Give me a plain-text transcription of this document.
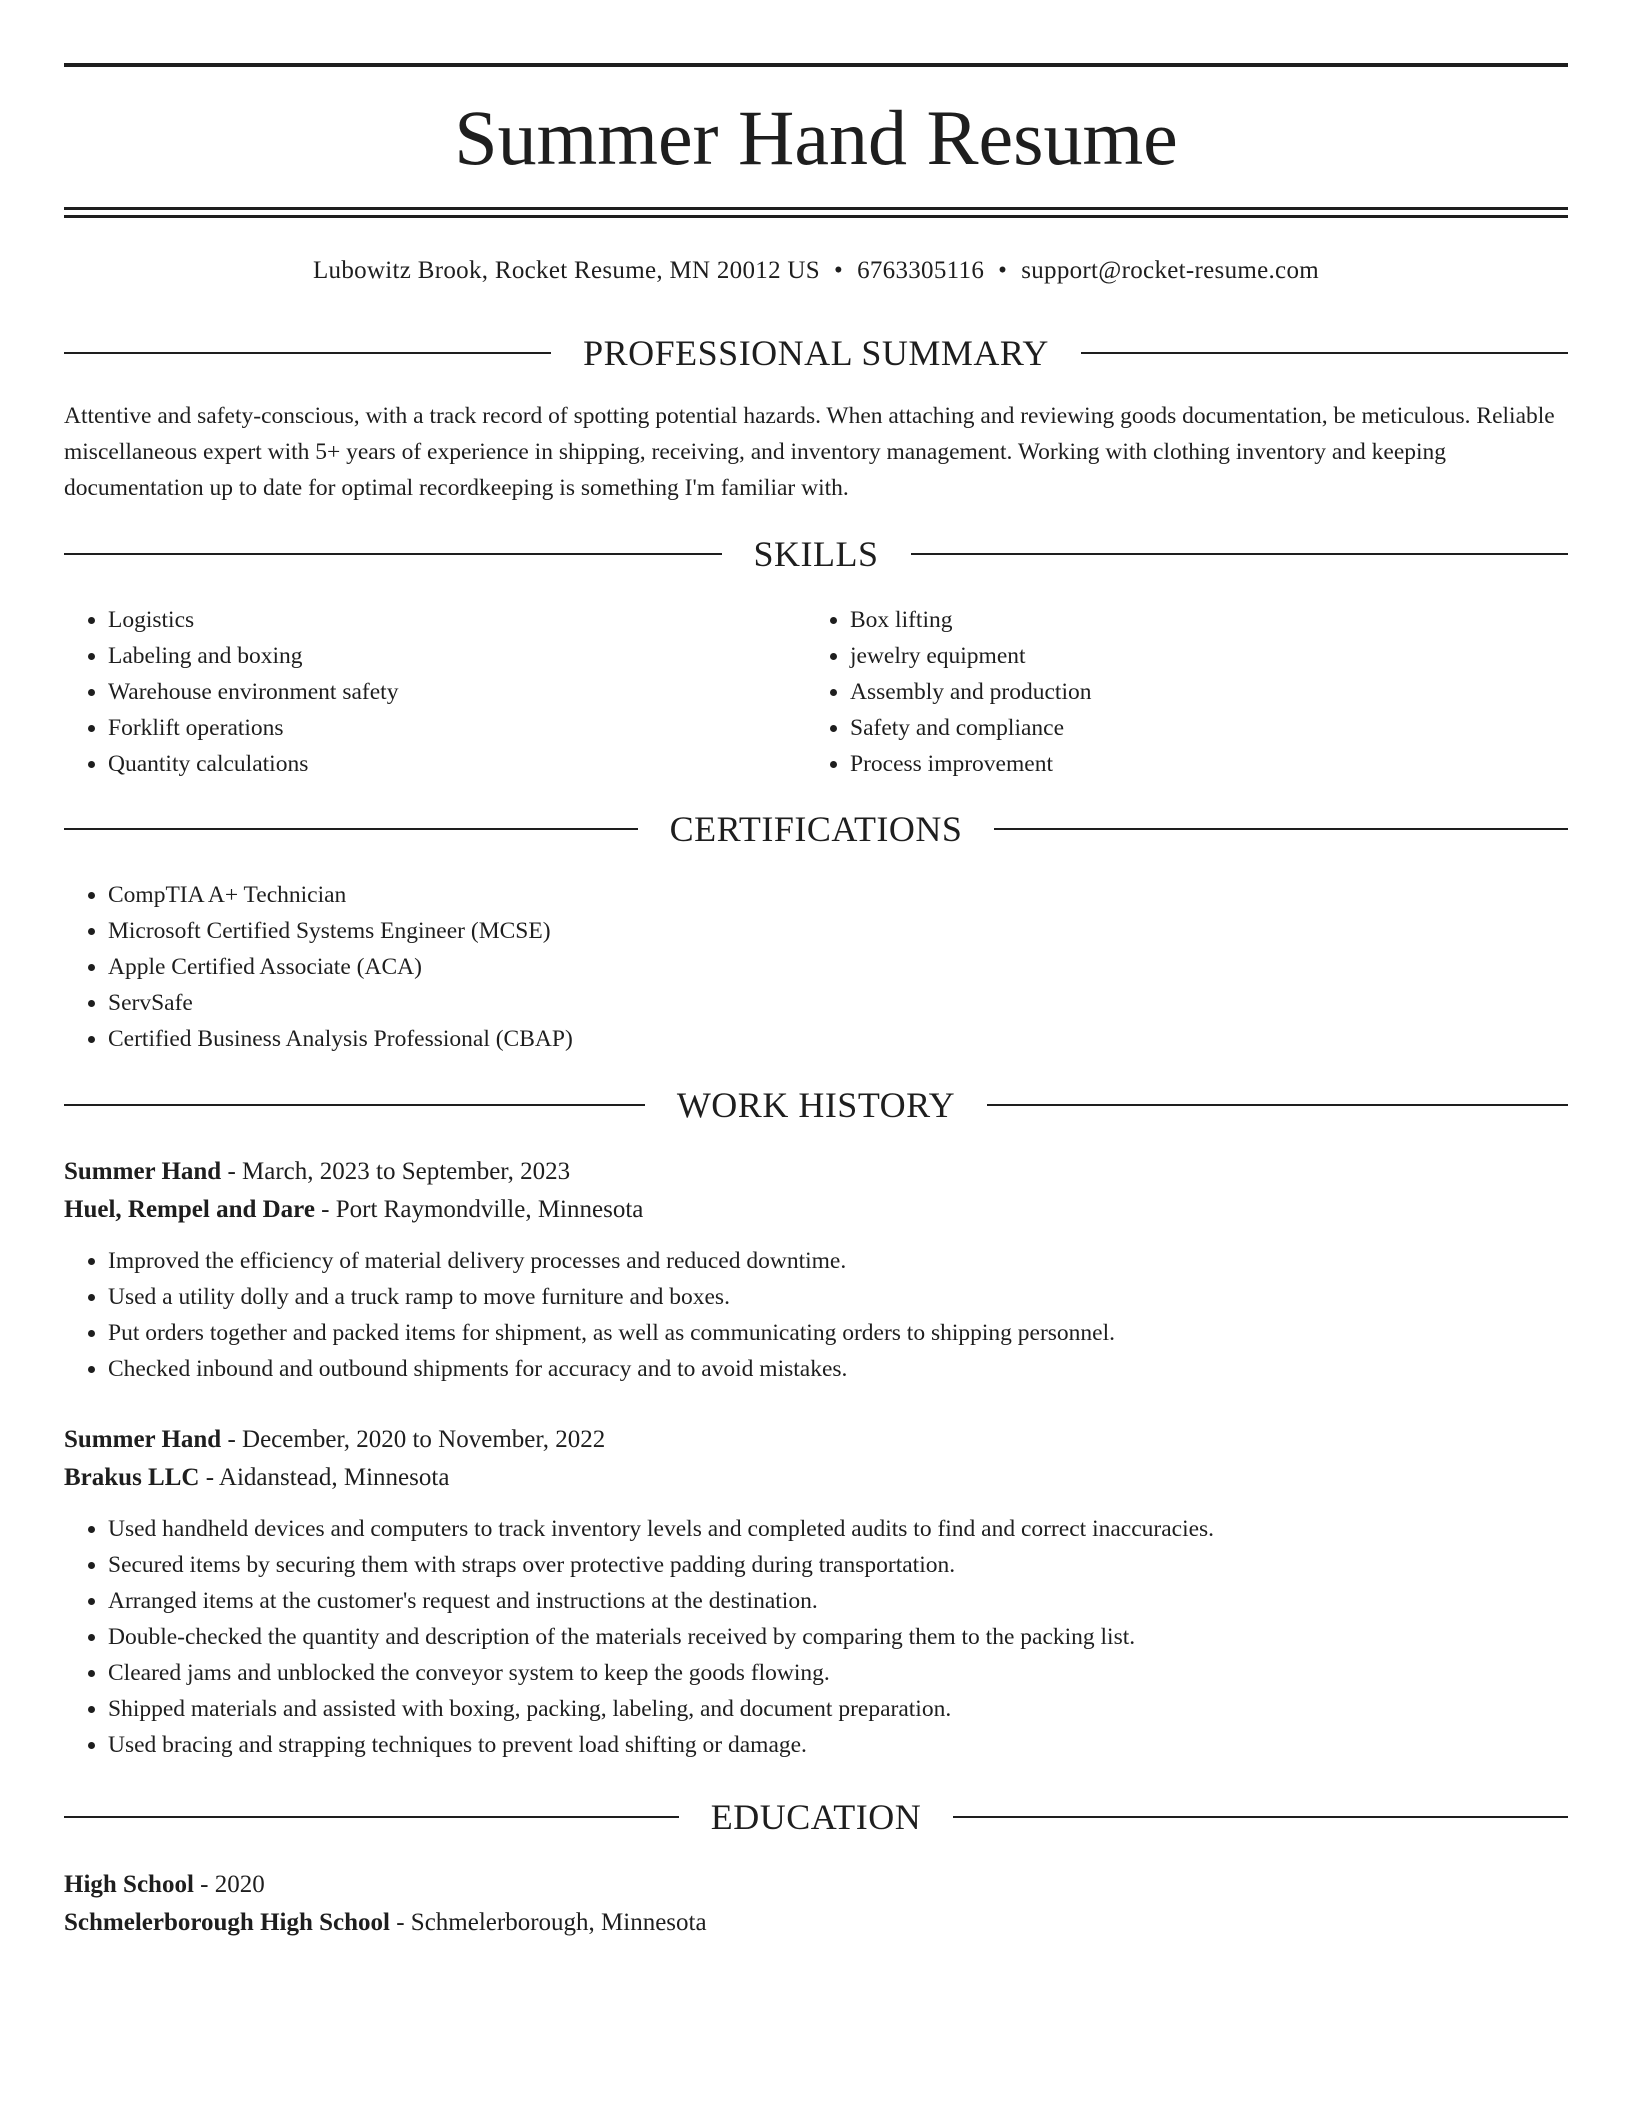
Summer Hand Resume
Lubowitz Brook, Rocket Resume, MN 20012 US • 6763305116 • support@rocket-resume.com
PROFESSIONAL SUMMARY

Attentive and safety-conscious, with a track record of spotting potential hazards. When attaching and reviewing goods documentation, be meticulous. Reliable miscellaneous expert with 5+ years of experience in shipping, receiving, and inventory management. Working with clothing inventory and keeping documentation up to date for optimal recordkeeping is something I'm familiar with.

SKILLS
• Logistics
• Labeling and boxing
• Warehouse environment safety
• Forklift operations
• Quantity calculations
• Box lifting
• jewelry equipment
• Assembly and production
• Safety and compliance
• Process improvement
CERTIFICATIONS
• CompTIA A+ Technician
• Microsoft Certified Systems Engineer (MCSE)
• Apple Certified Associate (ACA)
• ServSafe
• Certified Business Analysis Professional (CBAP)
WORK HISTORY
Summer Hand - March, 2023 to September, 2023
Huel, Rempel and Dare - Port Raymondville, Minnesota
• Improved the efficiency of material delivery processes and reduced downtime.
• Used a utility dolly and a truck ramp to move furniture and boxes.
• Put orders together and packed items for shipment, as well as communicating orders to shipping personnel.
• Checked inbound and outbound shipments for accuracy and to avoid mistakes.
Summer Hand - December, 2020 to November, 2022
Brakus LLC - Aidanstead, Minnesota
• Used handheld devices and computers to track inventory levels and completed audits to find and correct inaccuracies.
• Secured items by securing them with straps over protective padding during transportation.
• Arranged items at the customer's request and instructions at the destination.
• Double-checked the quantity and description of the materials received by comparing them to the packing list.
• Cleared jams and unblocked the conveyor system to keep the goods flowing.
• Shipped materials and assisted with boxing, packing, labeling, and document preparation.
• Used bracing and strapping techniques to prevent load shifting or damage.
EDUCATION
High School - 2020
Schmelerborough High School - Schmelerborough, Minnesota
